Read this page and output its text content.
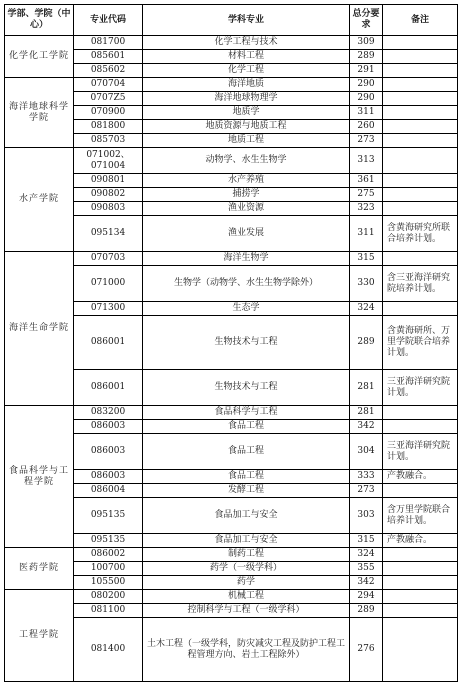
学部、学院（中心）	专业代码	学科专业	总分要求	备注
化学化工学院	081700	化学工程与技术	309	
	085601	材料工程	289	
	085602	化学工程	291	
海洋地球科学学院	070704	海洋地质	290	
	0707Z5	海洋地球物理学	290	
	070900	地质学	311	
	081800	地质资源与地质工程	260	
	085703	地质工程	273	
水产学院	071002、071004	动物学、水生生物学	313	
	090801	水产养殖	361	
	090802	捕捞学	275	
	090803	渔业资源	323	
	095134	渔业发展	311	含黄海研究所联合培养计划。
海洋生命学院	070703	海洋生物学	315	
	071000	生物学（动物学、水生生物学除外）	330	含三亚海洋研究院培养计划。
	071300	生态学	324	
	086001	生物技术与工程	289	含黄海研所、万里学院联合培养计划。
	086001	生物技术与工程	281	三亚海洋研究院计划。
食品科学与工程学院	083200	食品科学与工程	281	
	086003	食品工程	342	
	086003	食品工程	304	三亚海洋研究院计划。
	086003	食品工程	333	产教融合。
	086004	发酵工程	273	
	095135	食品加工与安全	303	含万里学院联合培养计划。
	095135	食品加工与安全	315	产教融合。
医药学院	086002	制药工程	324	
	100700	药学（一级学科）	355	
	105500	药学	342	
工程学院	080200	机械工程	294	
	081100	控制科学与工程（一级学科）	289	
	081400	土木工程（一级学科，防灾减灾工程及防护工程工程管理方向、岩土工程除外）	276	
